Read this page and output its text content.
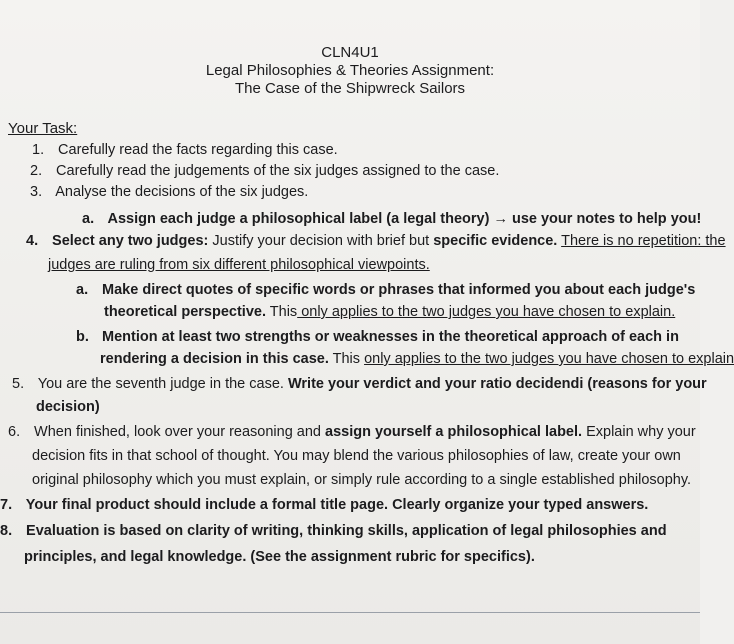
CLN4U1
Legal Philosophies & Theories Assignment:
The Case of the Shipwreck Sailors
Your Task:
1. Carefully read the facts regarding this case.
2. Carefully read the judgements of the six judges assigned to the case.
3. Analyse the decisions of the six judges.
a. Assign each judge a philosophical label (a legal theory) → use your notes to help you!
4. Select any two judges: Justify your decision with brief but specific evidence. There is no repetition: the
judges are ruling from six different philosophical viewpoints.
a. Make direct quotes of specific words or phrases that informed you about each judge's
theoretical perspective. This only applies to the two judges you have chosen to explain.
b. Mention at least two strengths or weaknesses in the theoretical approach of each in
rendering a decision in this case. This only applies to the two judges you have chosen to explain
5. You are the seventh judge in the case. Write your verdict and your ratio decidendi (reasons for your
decision)
6. When finished, look over your reasoning and assign yourself a philosophical label. Explain why your
decision fits in that school of thought. You may blend the various philosophies of law, create your own
original philosophy which you must explain, or simply rule according to a single established philosophy.
7. Your final product should include a formal title page. Clearly organize your typed answers.
8. Evaluation is based on clarity of writing, thinking skills, application of legal philosophies and
principles, and legal knowledge. (See the assignment rubric for specifics).
